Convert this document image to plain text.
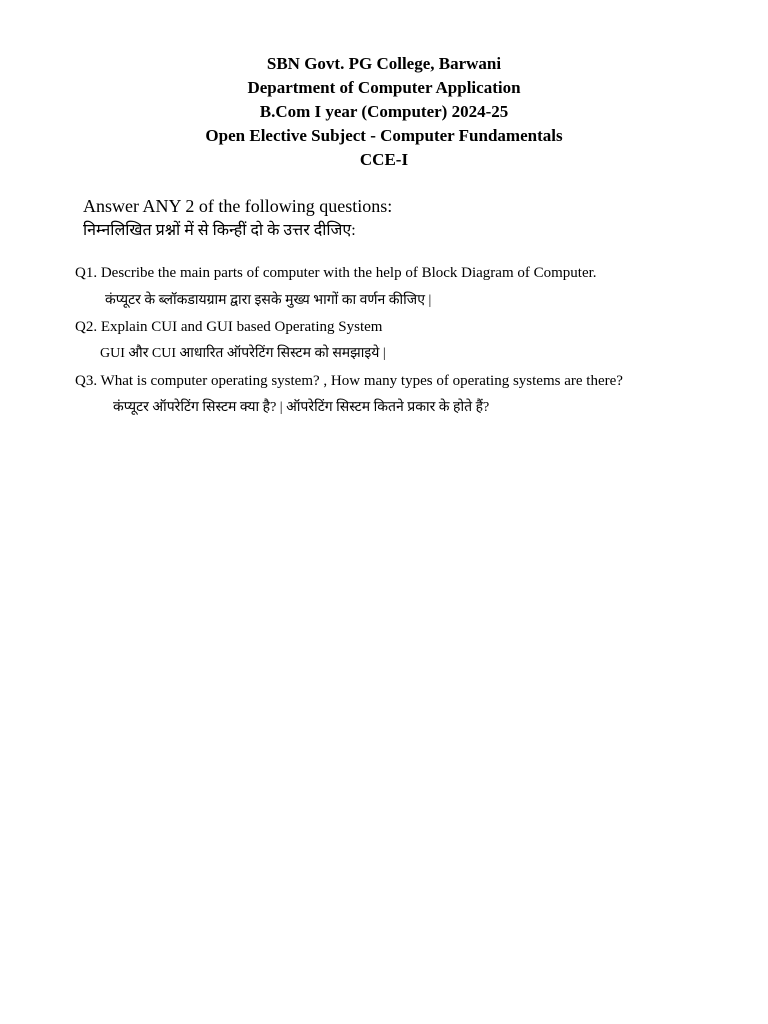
SBN Govt. PG College, Barwani
Department of Computer Application
B.Com I year (Computer) 2024-25
Open Elective Subject - Computer Fundamentals
CCE-I
Answer ANY 2 of the following questions:
निम्नलिखित प्रश्नों में से किन्हीं दो के उत्तर दीजिए:
Q1. Describe the main parts of computer with the help of Block Diagram of Computer.
कंप्यूटर के ब्लॉकडायग्राम द्वारा इसके मुख्य भागों का वर्णन कीजिए |
Q2. Explain CUI and GUI based Operating System
GUI और CUI आधारित ऑपरेटिंग सिस्टम को समझाइये |
Q3. What is computer operating system? , How many types of operating systems are there?
कंप्यूटर ऑपरेटिंग सिस्टम क्या है? | ऑपरेटिंग सिस्टम कितने प्रकार के होते हैं?
